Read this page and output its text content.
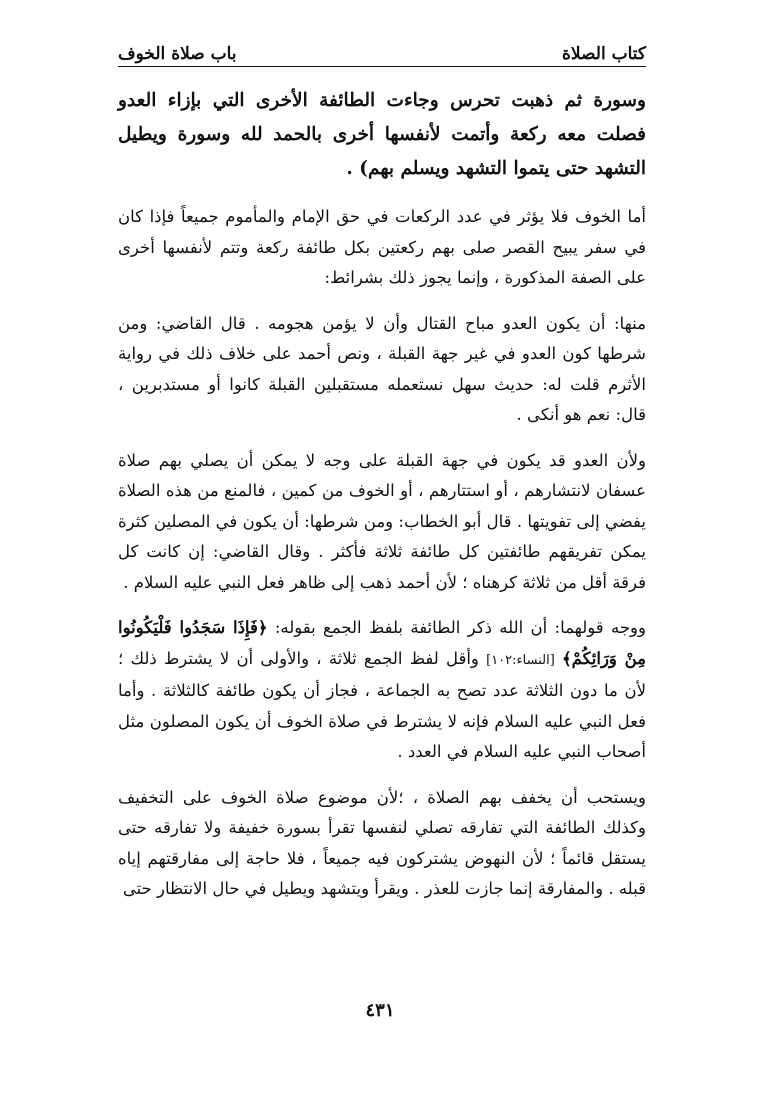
كتاب الصلاة
باب صلاة الخوف

وسورة ثم ذهبت تحرس وجاءت الطائفة الأخرى التي بإزاء العدو فصلت معه ركعة وأتمت لأنفسها أخرى بالحمد لله وسورة ويطيل التشهد حتى يتموا التشهد ويسلم بهم) .

أما الخوف فلا يؤثر في عدد الركعات في حق الإمام والمأموم جميعاً فإذا كان في سفر يبيح القصر صلى بهم ركعتين بكل طائفة ركعة وتتم لأنفسها أخرى على الصفة المذكورة ، وإنما يجوز ذلك بشرائط:

منها: أن يكون العدو مباح القتال وأن لا يؤمن هجومه . قال القاضي: ومن شرطها كون العدو في غير جهة القبلة ، ونص أحمد على خلاف ذلك في رواية الأثرم قلت له: حديث سهل نستعمله مستقبلين القبلة كانوا أو مستدبرين ، قال: نعم هو أنكى .

ولأن العدو قد يكون في جهة القبلة على وجه لا يمكن أن يصلي بهم صلاة عسفان لانتشارهم ، أو استتارهم ، أو الخوف من كمين ، فالمنع من هذه الصلاة يفضي إلى تفويتها . قال أبو الخطاب: ومن شرطها: أن يكون في المصلين كثرة يمكن تفريقهم طائفتين كل طائفة ثلاثة فأكثر . وقال القاضي: إن كانت كل فرقة أقل من ثلاثة كرهناه ؛ لأن أحمد ذهب إلى ظاهر فعل النبي عليه السلام .

ووجه قولهما: أن الله ذكر الطائفة بلفظ الجمع بقوله: ﴿فَإِذَا سَجَدُوا فَلْيَكُونُوا مِنْ وَرَائِكُمْ﴾ [النساء:١٠٢] وأقل لفظ الجمع ثلاثة ، والأولى أن لا يشترط ذلك ؛ لأن ما دون الثلاثة عدد تصح به الجماعة ، فجاز أن يكون طائفة كالثلاثة . وأما فعل النبي عليه السلام فإنه لا يشترط في صلاة الخوف أن يكون المصلون مثل أصحاب النبي عليه السلام في العدد .

ويستحب أن يخفف بهم الصلاة ، ؛لأن موضوع صلاة الخوف على التخفيف وكذلك الطائفة التي تفارقه تصلي لنفسها تقرأ بسورة خفيفة ولا تفارقه حتى يستقل قائماً ؛ لأن النهوض يشتركون فيه جميعاً ، فلا حاجة إلى مفارقتهم إياه قبله . والمفارقة إنما جازت للعذر . ويقرأ ويتشهد ويطيل في حال الانتظار حتى

٤٣١
